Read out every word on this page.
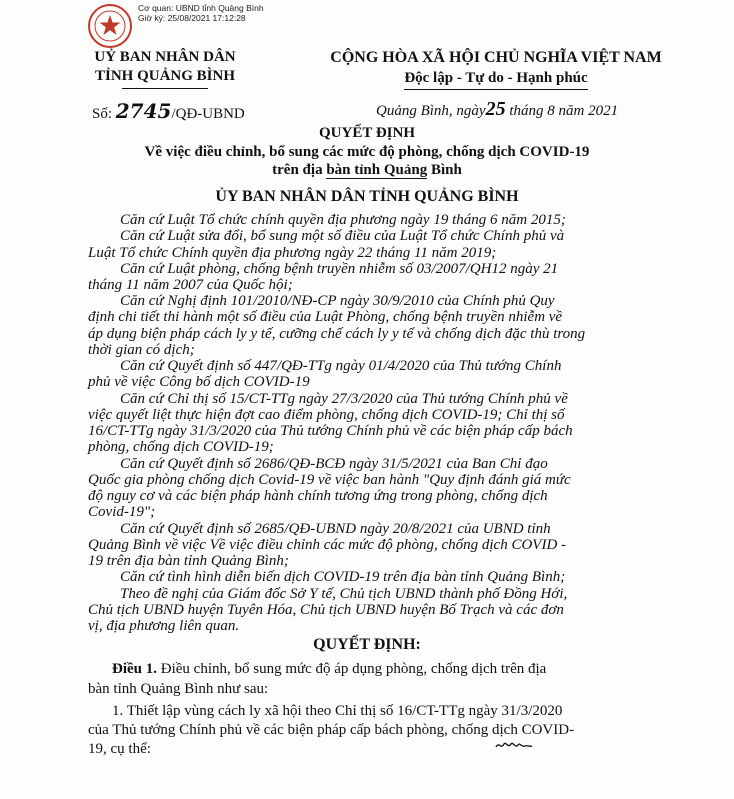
Cơ quan: UBND tỉnh Quảng Bình
Giờ ký: 25/08/2021 17:12:28
UỶ BAN NHÂN DÂN
TỈNH QUẢNG BÌNH
CỘNG HÒA XÃ HỘI CHỦ NGHĨA VIỆT NAM
Độc lập - Tự do - Hạnh phúc
Số: 2745/QĐ-UBND	Quảng Bình, ngày25 tháng 8 năm 2021
QUYẾT ĐỊNH
Về việc điều chỉnh, bổ sung các mức độ phòng, chống dịch COVID-19
trên địa bàn tỉnh Quảng Bình
ỦY BAN NHÂN DÂN TỈNH QUẢNG BÌNH
Căn cứ Luật Tổ chức chính quyền địa phương ngày 19 tháng 6 năm 2015;
Căn cứ Luật sửa đổi, bổ sung một số điều của Luật Tổ chức Chính phủ và
Luật Tổ chức Chính quyền địa phương ngày 22 tháng 11 năm 2019;
Căn cứ Luật phòng, chống bệnh truyền nhiễm số 03/2007/QH12 ngày 21
tháng 11 năm 2007 của Quốc hội;
Căn cứ Nghị định 101/2010/NĐ-CP ngày 30/9/2010 của Chính phủ Quy
định chi tiết thi hành một số điều của Luật Phòng, chống bệnh truyền nhiễm về
áp dụng biện pháp cách ly y tế, cưỡng chế cách ly y tế và chống dịch đặc thù trong
thời gian có dịch;
Căn cứ Quyết định số 447/QĐ-TTg ngày 01/4/2020 của Thủ tướng Chính
phủ về việc Công bố dịch COVID-19
Căn cứ Chỉ thị số 15/CT-TTg ngày 27/3/2020 của Thủ tướng Chính phủ về
việc quyết liệt thực hiện đợt cao điểm phòng, chống dịch COVID-19; Chỉ thị số
16/CT-TTg ngày 31/3/2020 của Thủ tướng Chính phủ về các biện pháp cấp bách
phòng, chống dịch COVID-19;
Căn cứ Quyết định số 2686/QĐ-BCĐ ngày 31/5/2021 của Ban Chỉ đạo
Quốc gia phòng chống dịch Covid-19 về việc ban hành "Quy định đánh giá mức
độ nguy cơ và các biện pháp hành chính tương ứng trong phòng, chống dịch
Covid-19";
Căn cứ Quyết định số 2685/QĐ-UBND ngày 20/8/2021 của UBND tỉnh
Quảng Bình về việc Về việc điều chỉnh các mức độ phòng, chống dịch COVID -
19 trên địa bàn tỉnh Quảng Bình;
Căn cứ tình hình diễn biến dịch COVID-19 trên địa bàn tỉnh Quảng Bình;
Theo đề nghị của Giám đốc Sở Y tế, Chủ tịch UBND thành phố Đồng Hới,
Chủ tịch UBND huyện Tuyên Hóa, Chủ tịch UBND huyện Bố Trạch và các đơn
vị, địa phương liên quan.
QUYẾT ĐỊNH:
Điều 1. Điều chỉnh, bổ sung mức độ áp dụng phòng, chống dịch trên địa
bàn tỉnh Quảng Bình như sau:
1. Thiết lập vùng cách ly xã hội theo Chỉ thị số 16/CT-TTg ngày 31/3/2020
của Thủ tướng Chính phủ về các biện pháp cấp bách phòng, chống dịch COVID-
19, cụ thể:
